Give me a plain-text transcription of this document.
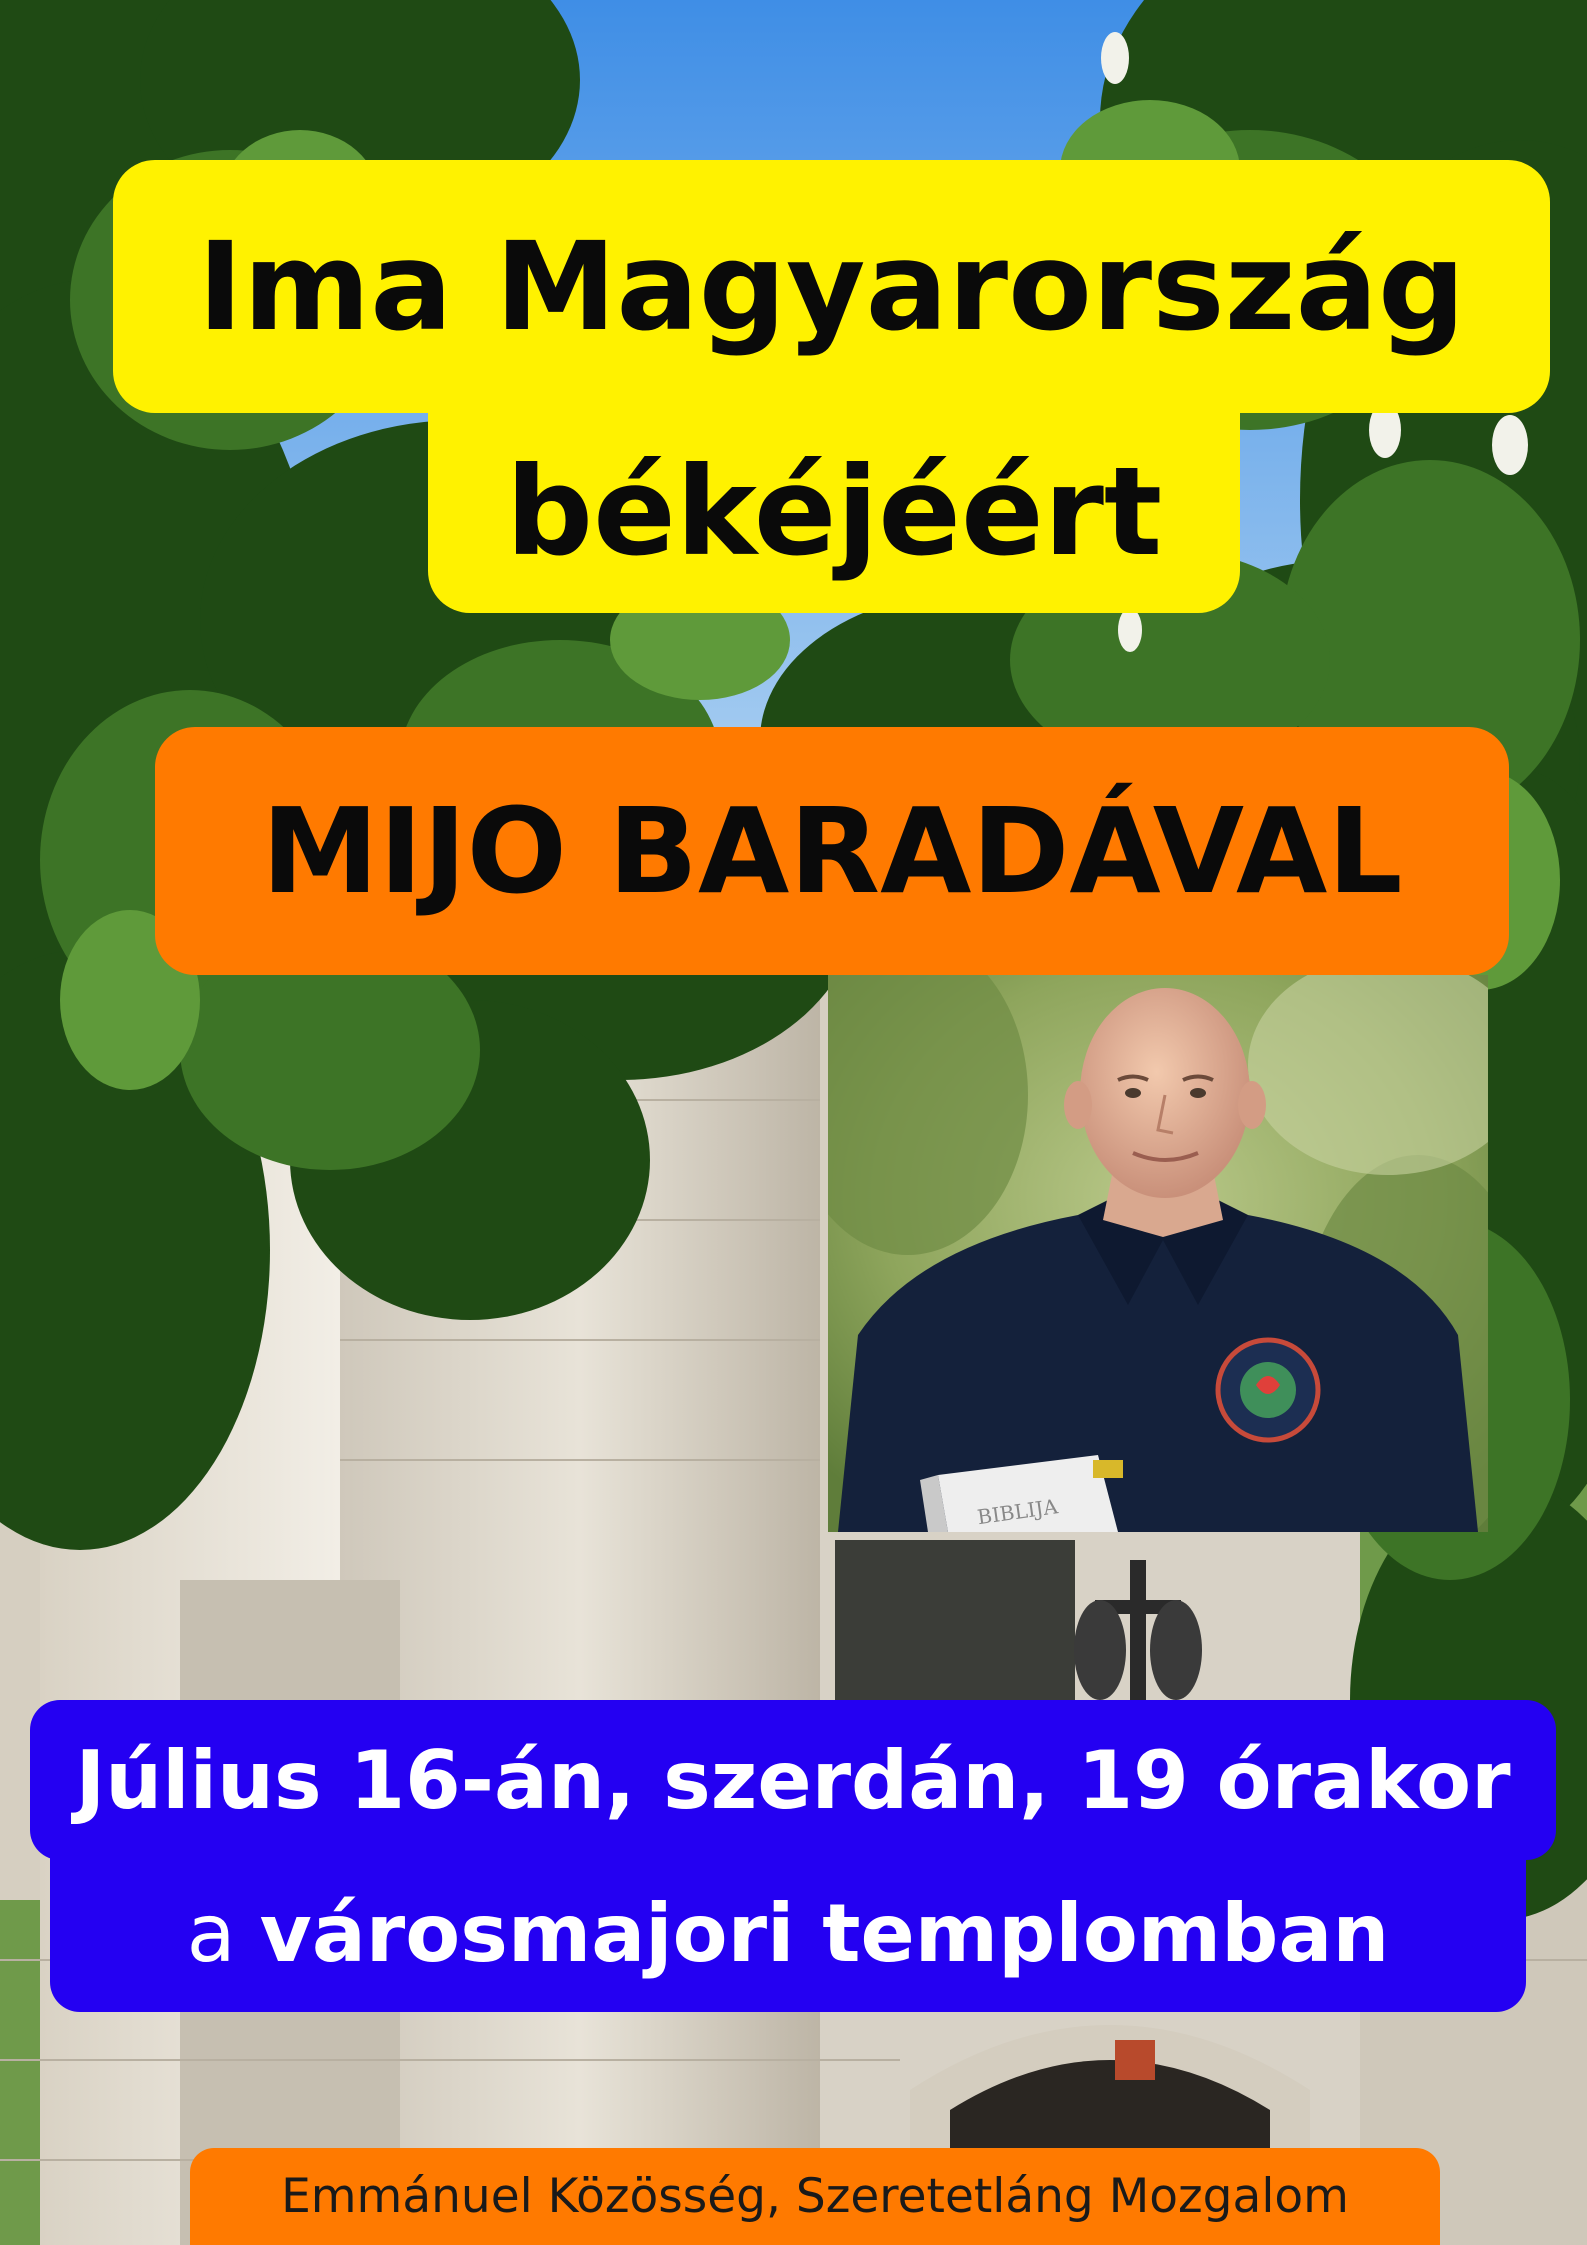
Ima Magyarország
békéjéért
MIJO BARADÁVAL
BIBLIJA
Július 16-án, szerdán, 19 órakor
a városmajori templomban
Emmánuel Közösség, Szeretetláng Mozgalom
